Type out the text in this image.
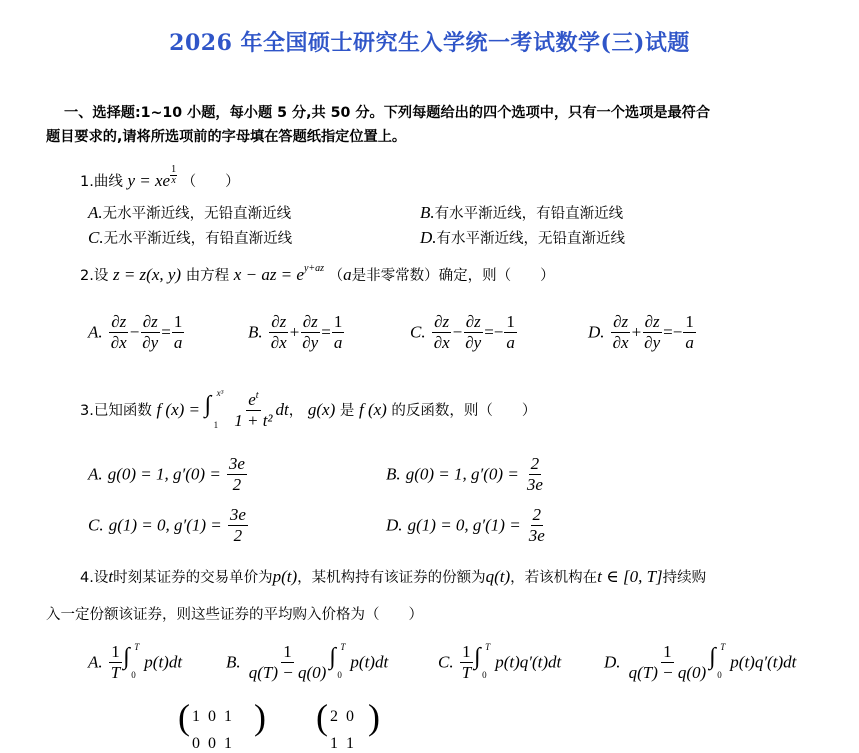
2026 年全国硕士研究生入学统一考试数学(三)试题
一、选择题:1~10 小题，每小题 5 分,共 50 分。下列每题给出的四个选项中，只有一个选项是最符合
题目要求的,请将所选项前的字母填在答题纸指定位置上。
1.曲线 y = xe $\frac{1}{x}$ （　　）
A.无水平渐近线，无铅直渐近线	B.有水平渐近线，有铅直渐近线
C.无水平渐近线，有铅直渐近线	D.有水平渐近线，无铅直渐近线
2.设 z = z(x, y) 由方程 x − az = $e^{y+az}$ （a是非零常数）确定，则（　　）
A. $\frac{\partial z}{\partial x} - \frac{\partial z}{\partial y} = \frac{1}{a}$	B. $\frac{\partial z}{\partial x} + \frac{\partial z}{\partial y} = \frac{1}{a}$	C. $\frac{\partial z}{\partial x} - \frac{\partial z}{\partial y} =- \frac{1}{a}$	D. $\frac{\partial z}{\partial x} + \frac{\partial z}{\partial y} =- \frac{1}{a}$
3.已知函数 f (x) = ∫ x³
1
$\frac{e^t}{\text{1 + t²}}$ dt， g(x) 是 f (x) 的反函数，则（　　）
A. g(0) = 1, $g'(0) = \frac{3e}{2}$	B. g(0) = 1, $g'(0) = \frac{2}{3e}$
C. g(1) = 0, $g'(1) = \frac{3e}{2}$	D. g(1) = 0, $g'(1) = \frac{2}{3e}$
4.设t时刻某证券的交易单价为p(t)，某机构持有该证券的份额为q(t)，若该机构在t ∈ [0, T]持续购
入一定份额该证券，则这些证券的平均购入价格为（　　）
A. $\frac{1}{T}$ ∫ T
0
p(t)dt	B. $\frac{1}{q(T) - q(0)}$ ∫ T
0
p(t)dt	C. $\frac{1}{T}$ ∫ T
0
p(t)q′(t)dt	D. $\frac{1}{q(T) - q(0)}$ ∫ T
0
p(t)q′(t)dt
( 1  0  1
0  0  1
) ( 2  0
1  1
)
